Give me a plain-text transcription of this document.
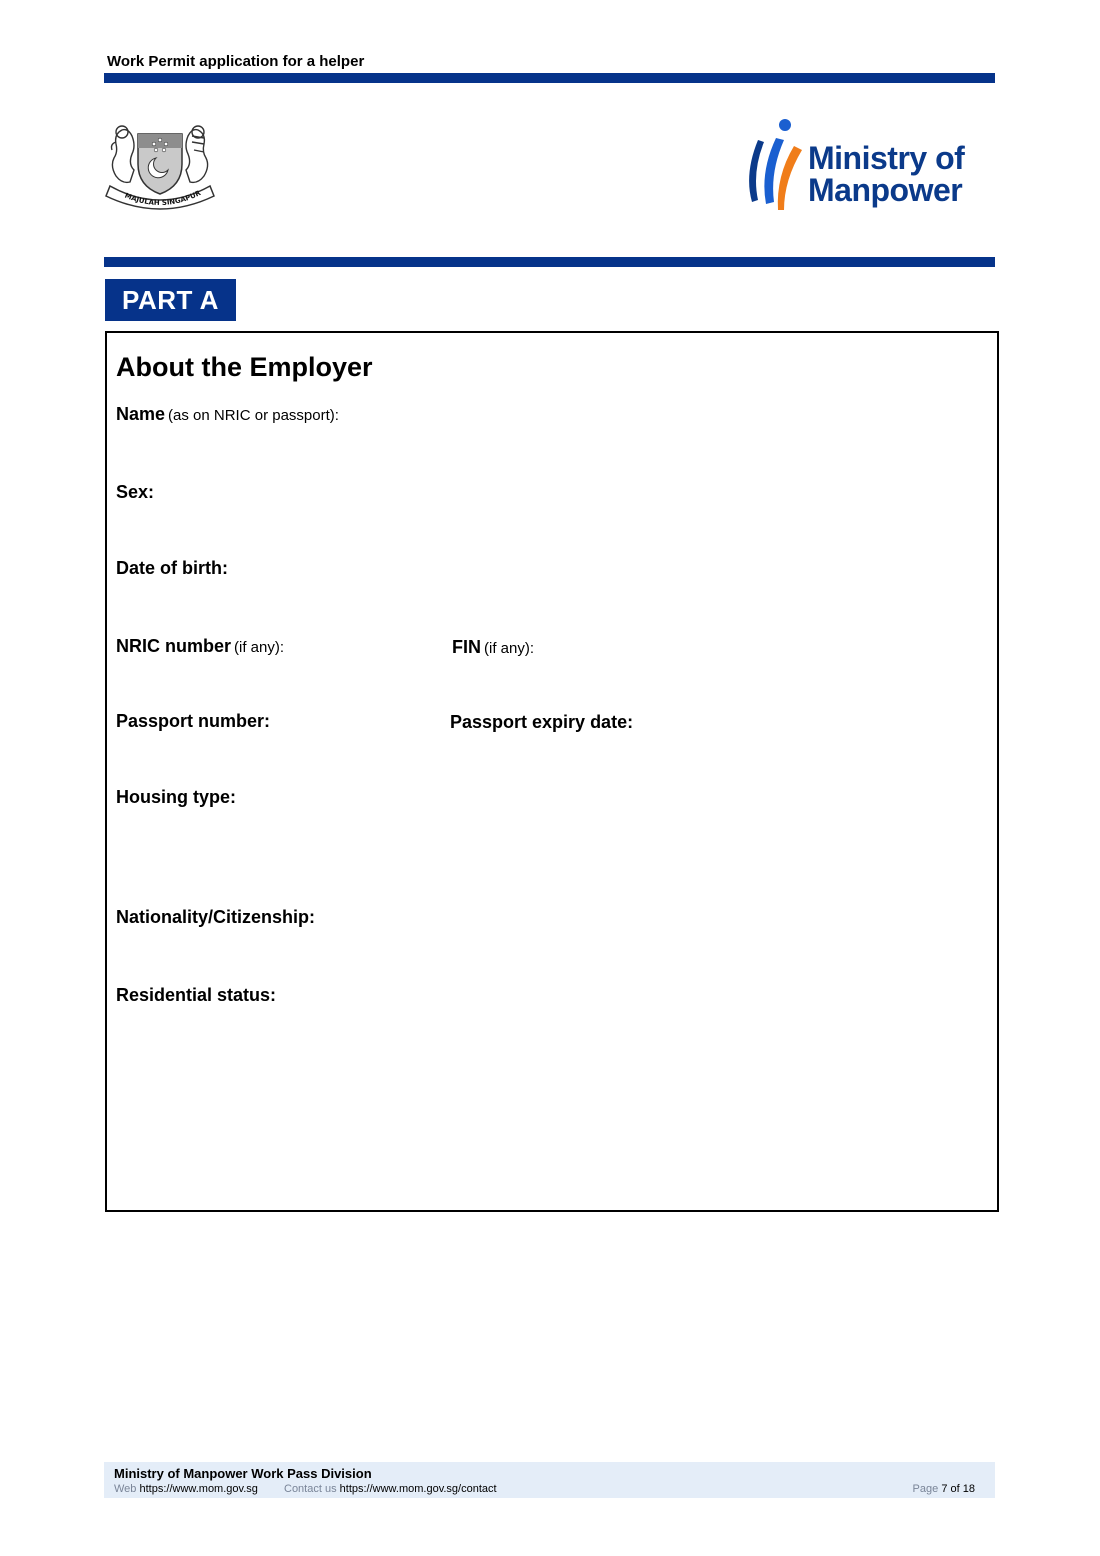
Work Permit application for a helper
MAJULAH SINGAPUR
Ministry of
Manpower
PART A
About the Employer
Name (as on NRIC or passport):
Sex:
Date of birth:
NRIC number (if any):	FIN (if any):
Passport number:	Passport expiry date:
Housing type:
Nationality/Citizenship:
Residential status:
Ministry of Manpower Work Pass Division
Web https://www.mom.gov.sg Contact us https://www.mom.gov.sg/contact	Page 7 of 18
